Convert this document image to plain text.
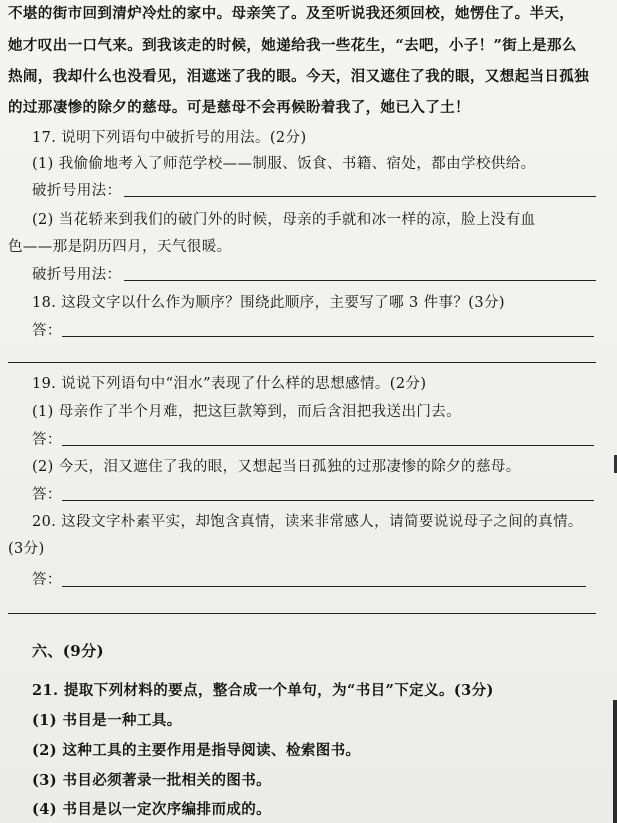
不堪的街市回到清炉冷灶的家中。母亲笑了。及至听说我还须回校，她愣住了。半天，
她才叹出一口气来。到我该走的时候，她递给我一些花生，“去吧，小子！”街上是那么
热闹，我却什么也没看见，泪遮迷了我的眼。今天，泪又遮住了我的眼，又想起当日孤独
的过那凄惨的除夕的慈母。可是慈母不会再候盼着我了，她已入了土！
17. 说明下列语句中破折号的用法。(2分)
(1) 我偷偷地考入了师范学校——制服、饭食、书籍、宿处，都由学校供给。
破折号用法：
(2) 当花轿来到我们的破门外的时候，母亲的手就和冰一样的凉，脸上没有血
色——那是阴历四月，天气很暖。
破折号用法：
18. 这段文字以什么作为顺序？围绕此顺序，主要写了哪 3 件事？(3分)
答：
19. 说说下列语句中“泪水”表现了什么样的思想感情。(2分)
(1) 母亲作了半个月难，把这巨款筹到，而后含泪把我送出门去。
答：
(2) 今天，泪又遮住了我的眼，又想起当日孤独的过那凄惨的除夕的慈母。
答：
20. 这段文字朴素平实，却饱含真情，读来非常感人，请简要说说母子之间的真情。
(3分)
答：
六、(9分)
21. 提取下列材料的要点，整合成一个单句，为“书目”下定义。(3分)
(1) 书目是一种工具。
(2) 这种工具的主要作用是指导阅读、检索图书。
(3) 书目必须著录一批相关的图书。
(4) 书目是以一定次序编排而成的。
